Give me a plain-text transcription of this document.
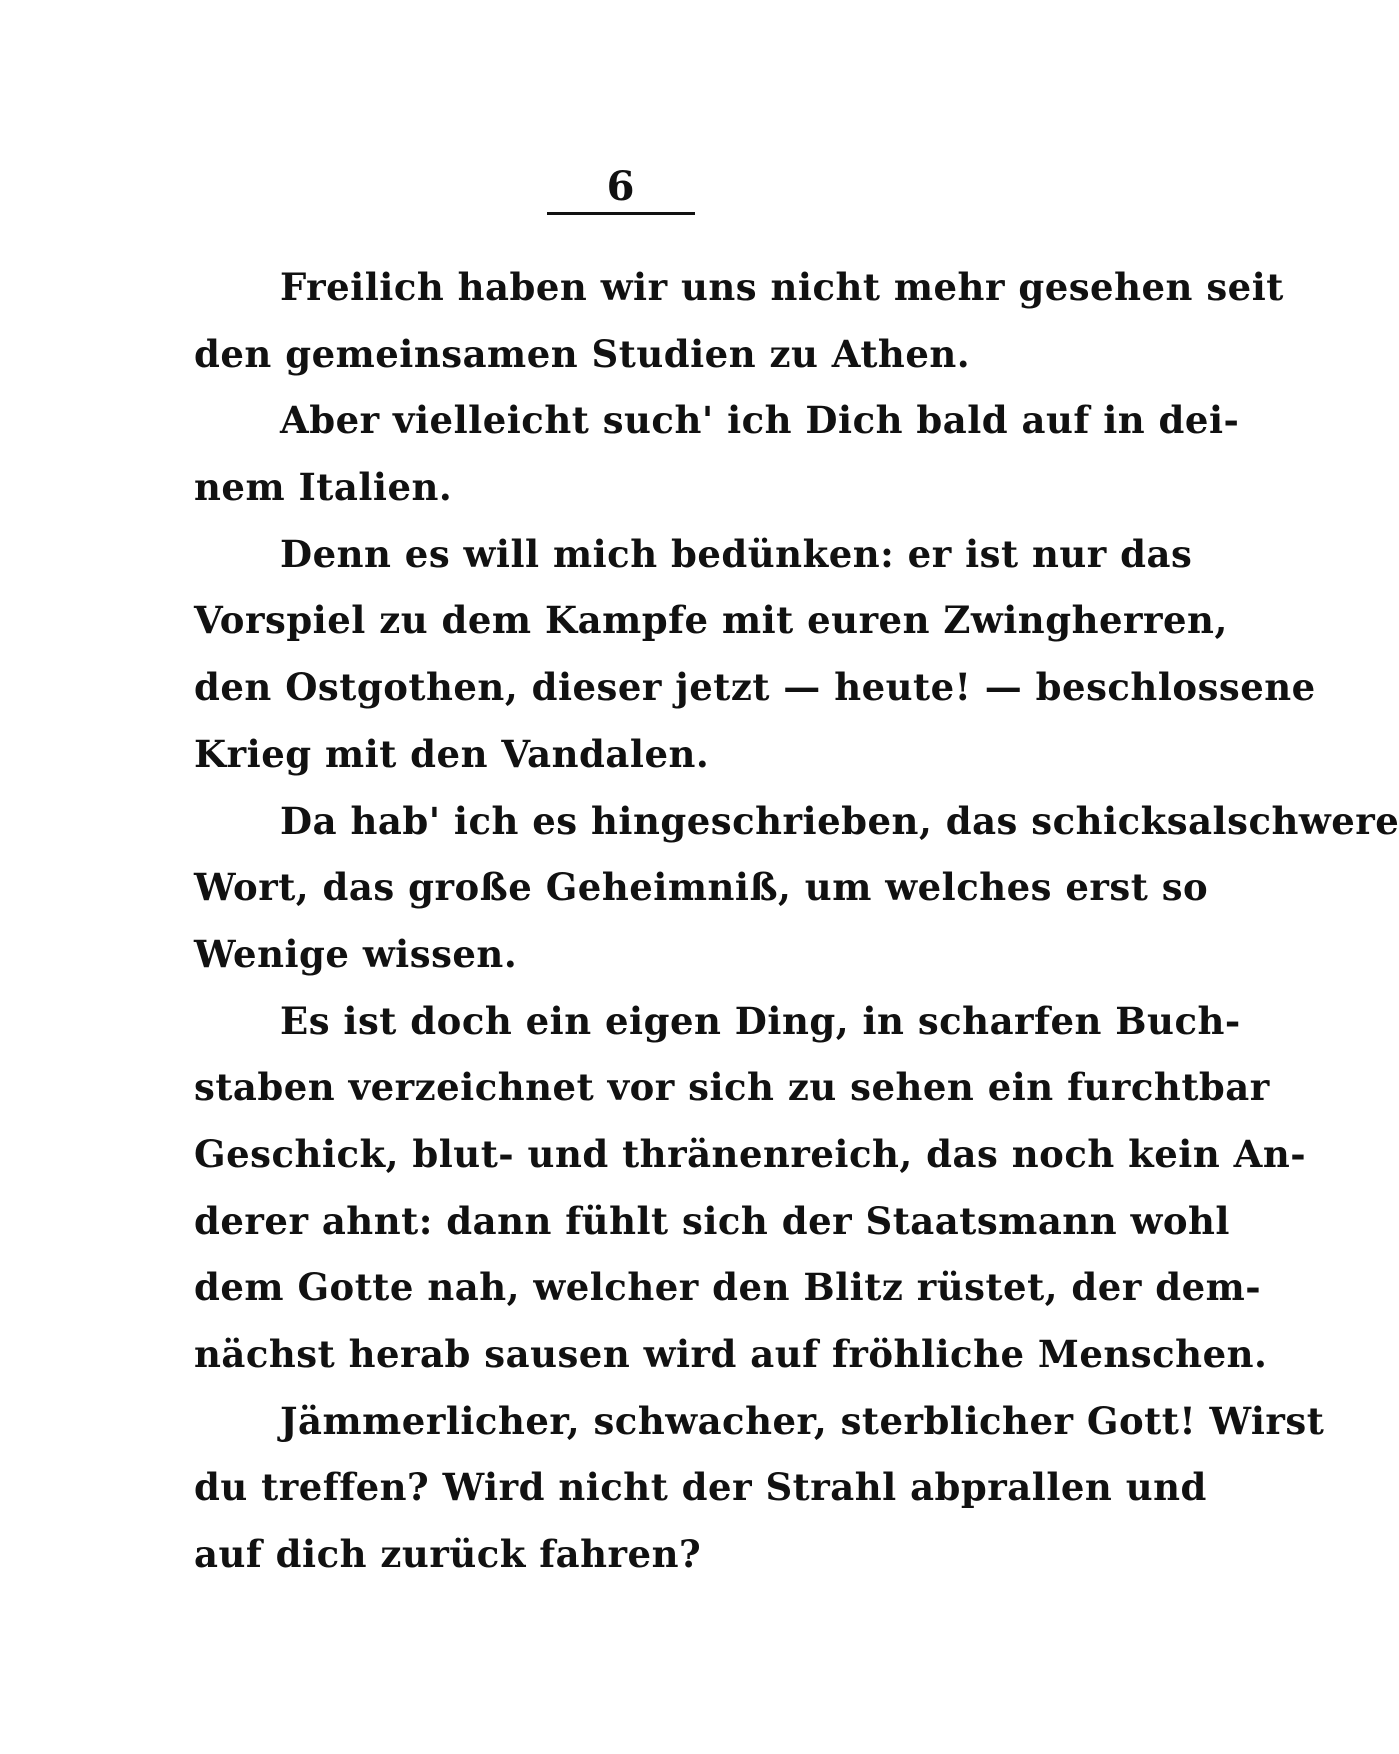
6
Freilich haben wir uns nicht mehr gesehen seit
den gemeinsamen Studien zu Athen.
Aber vielleicht such' ich Dich bald auf in dei-
nem Italien.
Denn es will mich bedünken: er ist nur das
Vorspiel zu dem Kampfe mit euren Zwingherren,
den Ostgothen, dieser jetzt — heute! — beschlossene
Krieg mit den Vandalen.
Da hab' ich es hingeschrieben, das schicksalschwere
Wort, das große Geheimniß, um welches erst so
Wenige wissen.
Es ist doch ein eigen Ding, in scharfen Buch-
staben verzeichnet vor sich zu sehen ein furchtbar
Geschick, blut- und thränenreich, das noch kein An-
derer ahnt: dann fühlt sich der Staatsmann wohl
dem Gotte nah, welcher den Blitz rüstet, der dem-
nächst herab sausen wird auf fröhliche Menschen.
Jämmerlicher, schwacher, sterblicher Gott! Wirst
du treffen? Wird nicht der Strahl abprallen und
auf dich zurück fahren?
